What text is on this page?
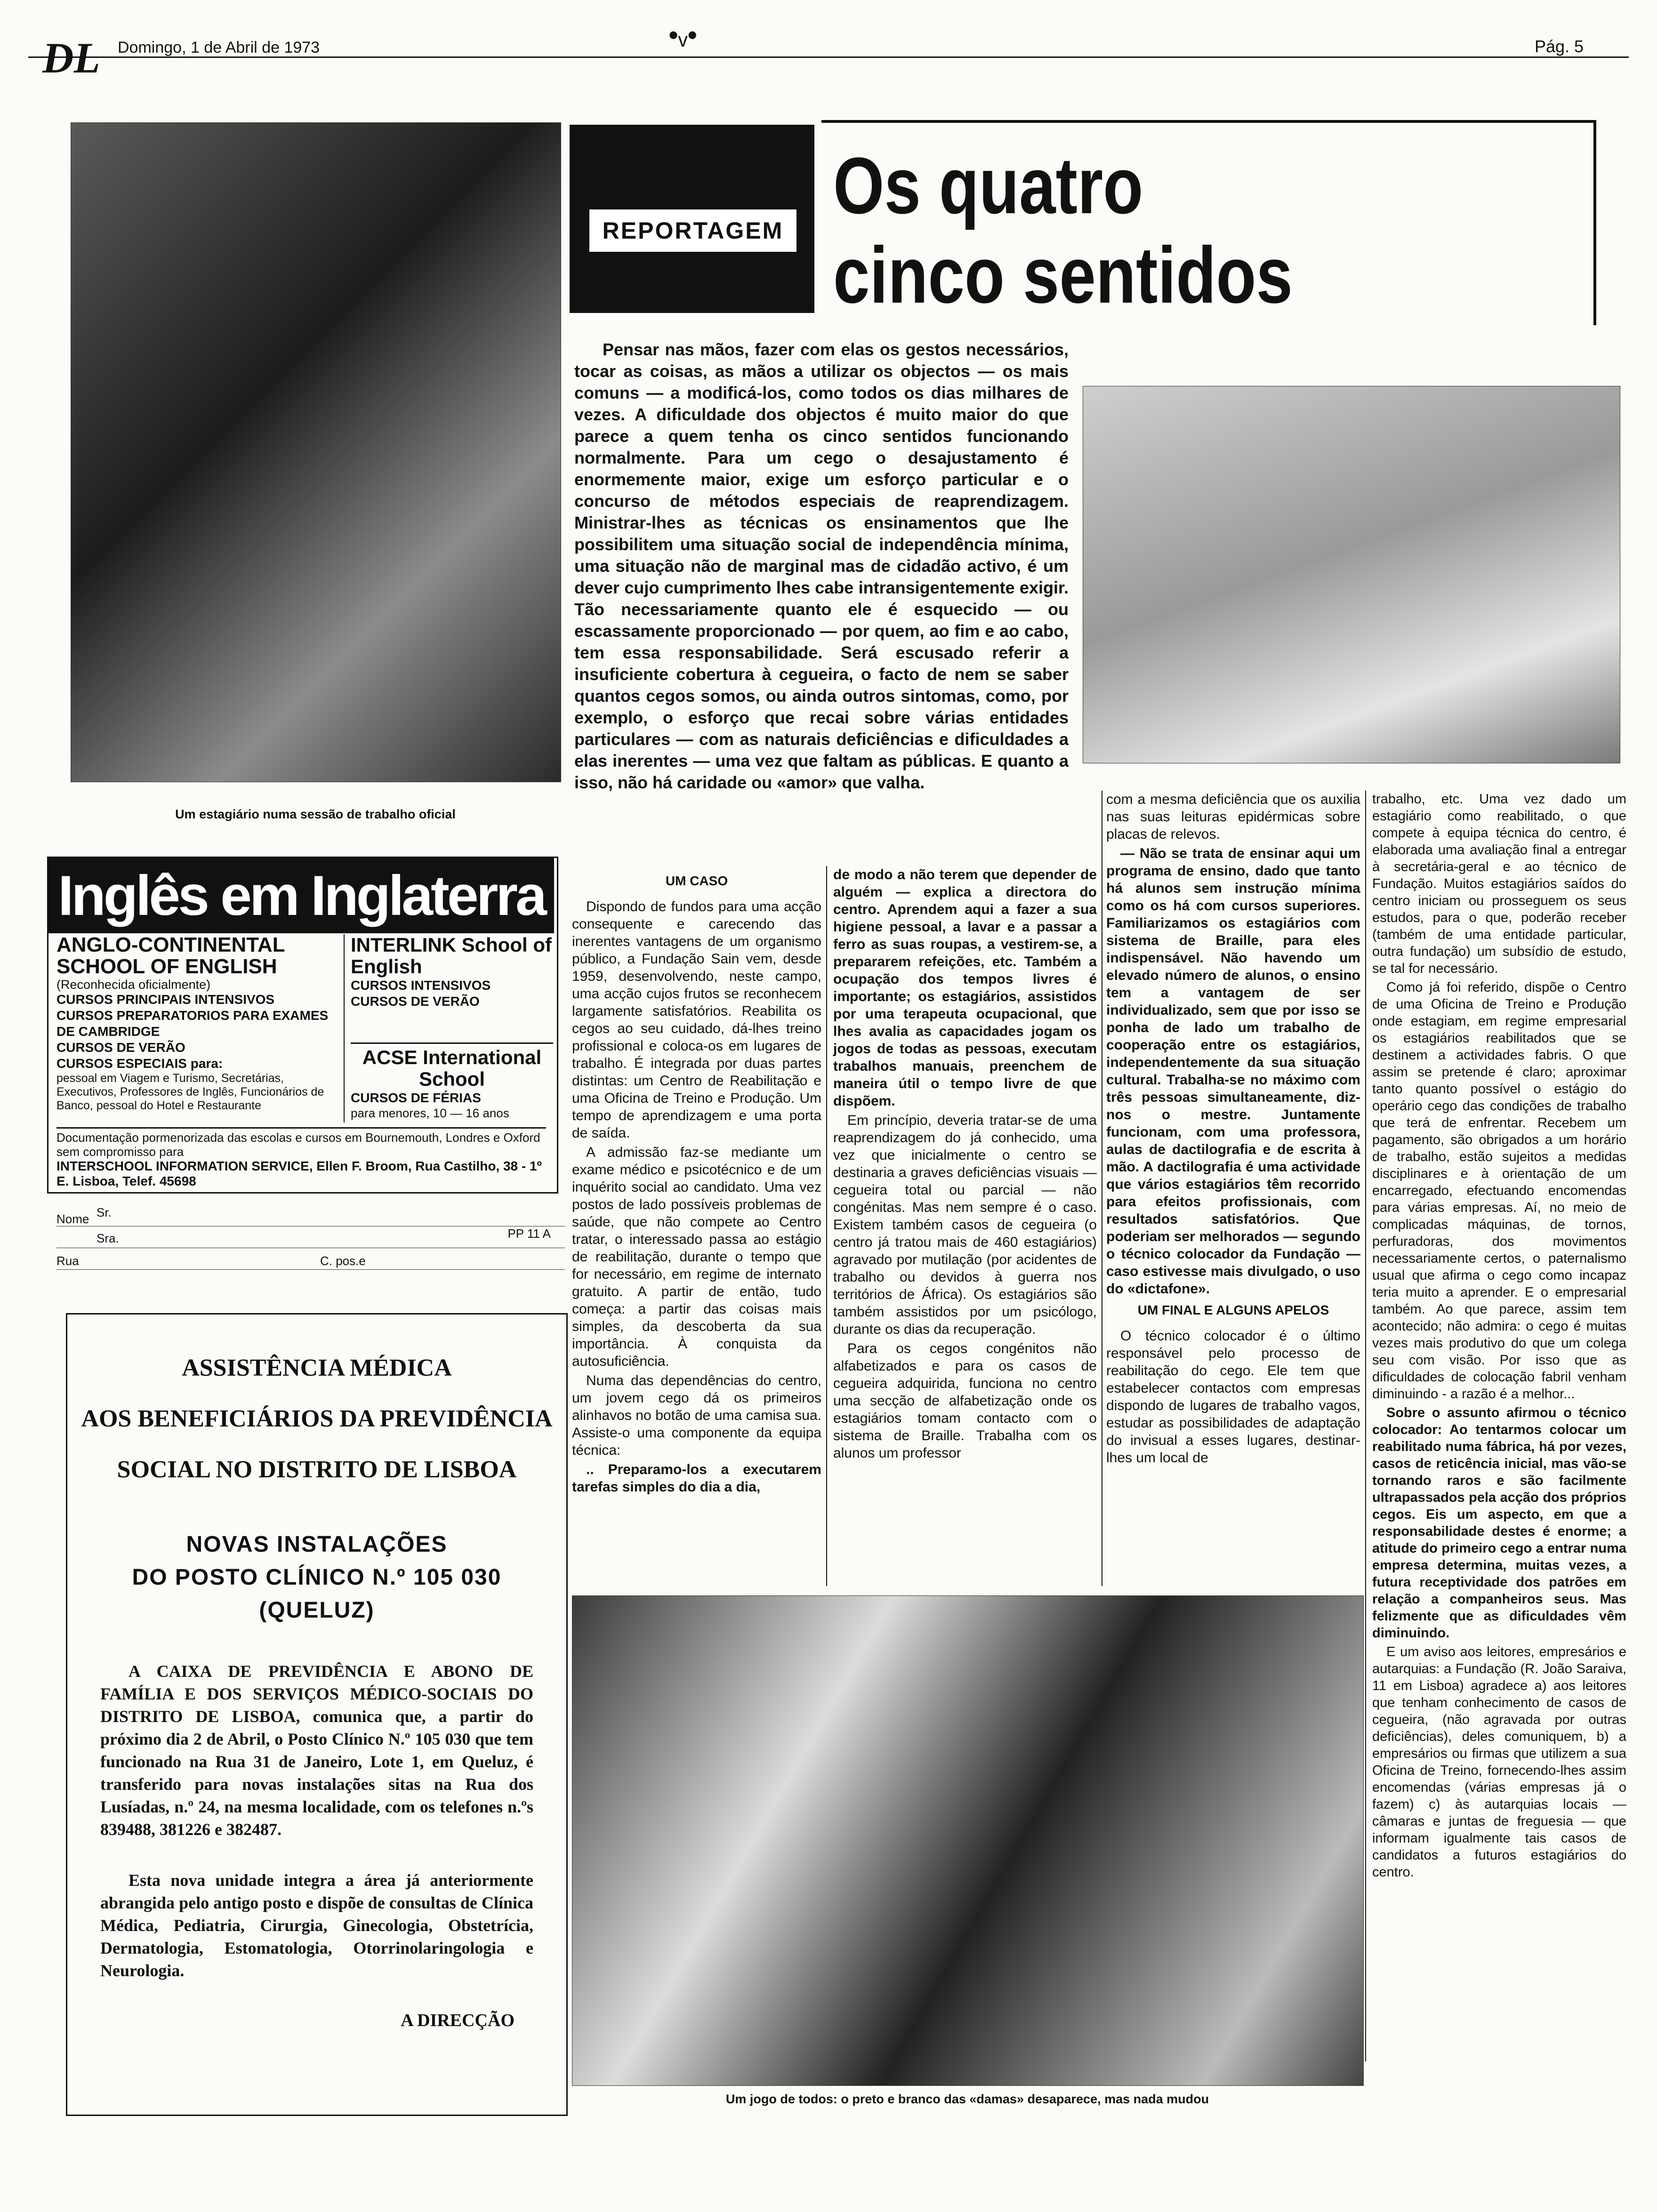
DL Domingo, 1 de Abril de 1973	•ᵥ•	Pág. 5
Um estagiário numa sessão de trabalho oficial
REPORTAGEM Os quatro
cinco sentidos
Pensar nas mãos, fazer com elas os gestos necessários, tocar as coisas, as mãos a utilizar os objectos — os mais comuns — a modificá-los, como todos os dias milhares de vezes. A dificuldade dos objectos é muito maior do que parece a quem tenha os cinco sentidos funcionando normalmente. Para um cego o desajustamento é enormemente maior, exige um esforço particular e o concurso de métodos especiais de reaprendizagem. Ministrar-lhes as técnicas os ensinamentos que lhe possibilitem uma situação social de independência mínima, uma situação não de marginal mas de cidadão activo, é um dever cujo cumprimento lhes cabe intransigentemente exigir. Tão necessariamente quanto ele é esquecido — ou escassamente proporcionado — por quem, ao fim e ao cabo, tem essa responsabilidade. Será escusado referir a insuficiente cobertura à cegueira, o facto de nem se saber quantos cegos somos, ou ainda outros sintomas, como, por exemplo, o esforço que recai sobre várias entidades particulares — com as naturais deficiências e dificuldades a elas inerentes — uma vez que faltam as públicas. E quanto a isso, não há caridade ou «amor» que valha.
UM CASO

Dispondo de fundos para uma acção consequente e carecendo das inerentes vantagens de um organismo público, a Fundação Sain vem, desde 1959, desenvolvendo, neste campo, uma acção cujos frutos se reconhecem largamente satisfatórios. Reabilita os cegos ao seu cuidado, dá-lhes treino profissional e coloca-os em lugares de trabalho. É integrada por duas partes distintas: um Centro de Reabilitação e uma Oficina de Treino e Produção. Um tempo de aprendizagem e uma porta de saída.

A admissão faz-se mediante um exame médico e psicotécnico e de um inquérito social ao candidato. Uma vez postos de lado possíveis problemas de saúde, que não compete ao Centro tratar, o interessado passa ao estágio de reabilitação, durante o tempo que for necessário, em regime de internato gratuito. A partir de então, tudo começa: a partir das coisas mais simples, da descoberta da sua importância. À conquista da autosuficiência.

Numa das dependências do centro, um jovem cego dá os primeiros alinhavos no botão de uma camisa sua. Assiste-o uma componente da equipa técnica:

.. Preparamo-los a executarem tarefas simples do dia a dia,

de modo a não terem que depender de alguém — explica a directora do centro. Aprendem aqui a fazer a sua higiene pessoal, a lavar e a passar a ferro as suas roupas, a vestirem-se, a prepararem refeições, etc. Também a ocupação dos tempos livres é importante; os estagiários, assistidos por uma terapeuta ocupacional, que lhes avalia as capacidades jogam os jogos de todas as pessoas, executam trabalhos manuais, preenchem de maneira útil o tempo livre de que dispõem.

Em princípio, deveria tratar-se de uma reaprendizagem do já conhecido, uma vez que inicialmente o centro se destinaria a graves deficiências visuais — cegueira total ou parcial — não congénitas. Mas nem sempre é o caso. Existem também casos de cegueira (o centro já tratou mais de 460 estagiários) agravado por mutilação (por acidentes de trabalho ou devidos à guerra nos territórios de África). Os estagiários são também assistidos por um psicólogo, durante os dias da recuperação.

Para os cegos congénitos não alfabetizados e para os casos de cegueira adquirida, funciona no centro uma secção de alfabetização onde os estagiários tomam contacto com o sistema de Braille. Trabalha com os alunos um professor

com a mesma deficiência que os auxilia nas suas leituras epidérmicas sobre placas de relevos.

— Não se trata de ensinar aqui um programa de ensino, dado que tanto há alunos sem instrução mínima como os há com cursos superiores. Familiarizamos os estagiários com sistema de Braille, para eles indispensável. Não havendo um elevado número de alunos, o ensino tem a vantagem de ser individualizado, sem que por isso se ponha de lado um trabalho de cooperação entre os estagiários, independentemente da sua situação cultural. Trabalha-se no máximo com três pessoas simultaneamente, diz-nos o mestre. Juntamente funcionam, com uma professora, aulas de dactilografia e de escrita à mão. A dactilografia é uma actividade que vários estagiários têm recorrido para efeitos profissionais, com resultados satisfatórios. Que poderiam ser melhorados — segundo o técnico colocador da Fundação — caso estivesse mais divulgado, o uso do «dictafone».

UM FINAL E ALGUNS APELOS

O técnico colocador é o último responsável pelo processo de reabilitação do cego. Ele tem que estabelecer contactos com empresas dispondo de lugares de trabalho vagos, estudar as possibilidades de adaptação do invisual a esses lugares, destinar-lhes um local de

trabalho, etc. Uma vez dado um estagiário como reabilitado, o que compete à equipa técnica do centro, é elaborada uma avaliação final a entregar à secretária-geral e ao técnico de Fundação. Muitos estagiários saídos do centro iniciam ou prosseguem os seus estudos, para o que, poderão receber (também de uma entidade particular, outra fundação) um subsídio de estudo, se tal for necessário.

Como já foi referido, dispõe o Centro de uma Oficina de Treino e Produção onde estagiam, em regime empresarial os estagiários reabilitados que se destinem a actividades fabris. O que assim se pretende é claro; aproximar tanto quanto possível o estágio do operário cego das condições de trabalho que terá de enfrentar. Recebem um pagamento, são obrigados a um horário de trabalho, estão sujeitos a medidas disciplinares e à orientação de um encarregado, efectuando encomendas para várias empresas. Aí, no meio de complicadas máquinas, de tornos, perfuradoras, dos movimentos necessariamente certos, o paternalismo usual que afirma o cego como incapaz teria muito a aprender. E o empresarial também. Ao que parece, assim tem acontecido; não admira: o cego é muitas vezes mais produtivo do que um colega seu com visão. Por isso que as dificuldades de colocação fabril venham diminuindo - a razão é a melhor...

Sobre o assunto afirmou o técnico colocador: Ao tentarmos colocar um reabilitado numa fábrica, há por vezes, casos de reticência inicial, mas vão-se tornando raros e são facilmente ultrapassados pela acção dos próprios cegos. Eis um aspecto, em que a responsabilidade destes é enorme; a atitude do primeiro cego a entrar numa empresa determina, muitas vezes, a futura receptividade dos patrões em relação a companheiros seus. Mas felizmente que as dificuldades vêm diminuindo.

E um aviso aos leitores, empresários e autarquias: a Fundação (R. João Saraiva, 11 em Lisboa) agradece a) aos leitores que tenham conhecimento de casos de cegueira, (não agravada por outras deficiências), deles comuniquem, b) a empresários ou firmas que utilizem a sua Oficina de Treino, fornecendo-lhes assim encomendas (várias empresas já o fazem) c) às autarquias locais — câmaras e juntas de freguesia — que informam igualmente tais casos de candidatos a futuros estagiários do centro.

Um jogo de todos: o preto e branco das «damas» desaparece, mas nada mudou
Inglês em Inglaterra
ANGLO-CONTINENTAL SCHOOL OF ENGLISH
(Reconhecida oficialmente)
CURSOS PRINCIPAIS INTENSIVOS
CURSOS PREPARATORIOS PARA EXAMES DE CAMBRIDGE
CURSOS DE VERÃO
CURSOS ESPECIAIS para:
pessoal em Viagem e Turismo, Secretárias, Executivos, Professores de Inglês, Funcionários de Banco, pessoal do Hotel e Restaurante
INTERLINK School of English
CURSOS INTENSIVOS
CURSOS DE VERÃO
ACSE International School
CURSOS DE FÉRIAS
para menores, 10 — 16 anos
Documentação pormenorizada das escolas e cursos em Bournemouth, Londres e Oxford sem compromisso para
INTERSCHOOL INFORMATION SERVICE, Ellen F. Broom, Rua Castilho, 38 - 1º E. Lisboa, Telef. 45698
Nome Sr.
Sra.	PP 11 A
Rua	C. pos.e
ASSISTÊNCIA MÉDICA
AOS BENEFICIÁRIOS DA PREVIDÊNCIA
SOCIAL NO DISTRITO DE LISBOA
NOVAS INSTALAÇÕES
DO POSTO CLÍNICO N.º 105 030
(QUELUZ)
A CAIXA DE PREVIDÊNCIA E ABONO DE FAMÍLIA E DOS SERVIÇOS MÉDICO-SOCIAIS DO DISTRITO DE LISBOA, comunica que, a partir do próximo dia 2 de Abril, o Posto Clínico N.º 105 030 que tem funcionado na Rua 31 de Janeiro, Lote 1, em Queluz, é transferido para novas instalações sitas na Rua dos Lusíadas, n.º 24, na mesma localidade, com os telefones n.ºs 839488, 381226 e 382487.
Esta nova unidade integra a área já anteriormente abrangida pelo antigo posto e dispõe de consultas de Clínica Médica, Pediatria, Cirurgia, Ginecologia, Obstetrícia, Dermatologia, Estomatologia, Otorrinolaringologia e Neurologia.
A DIRECÇÃO
